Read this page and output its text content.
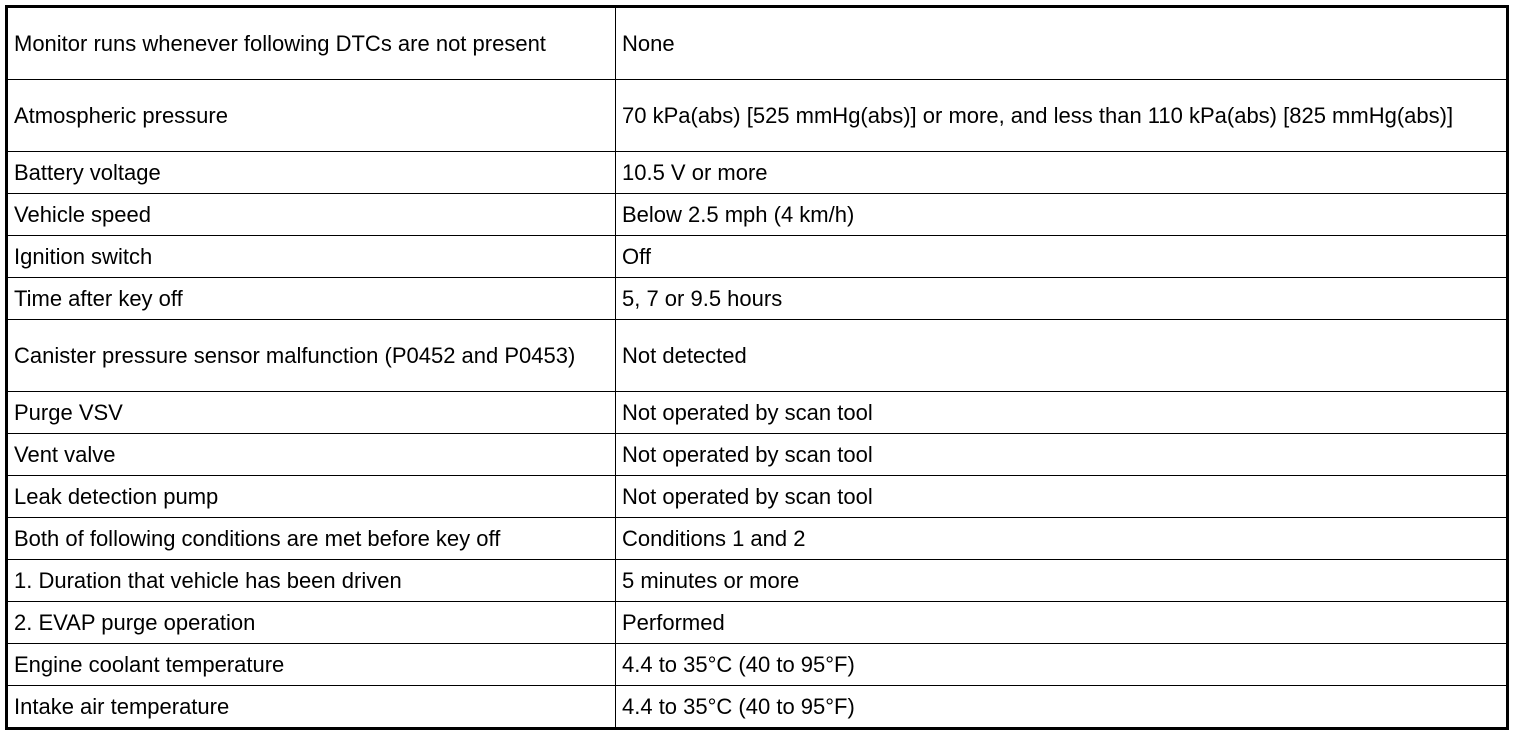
Monitor runs whenever following DTCs are not present	None
Atmospheric pressure	70 kPa(abs) [525 mmHg(abs)] or more, and less than 110 kPa(abs) [825 mmHg(abs)]
Battery voltage	10.5 V or more
Vehicle speed	Below 2.5 mph (4 km/h)
Ignition switch	Off
Time after key off	5, 7 or 9.5 hours
Canister pressure sensor malfunction (P0452 and P0453)	Not detected
Purge VSV	Not operated by scan tool
Vent valve	Not operated by scan tool
Leak detection pump	Not operated by scan tool
Both of following conditions are met before key off	Conditions 1 and 2
1. Duration that vehicle has been driven	5 minutes or more
2. EVAP purge operation	Performed
Engine coolant temperature	4.4 to 35°C (40 to 95°F)
Intake air temperature	4.4 to 35°C (40 to 95°F)
